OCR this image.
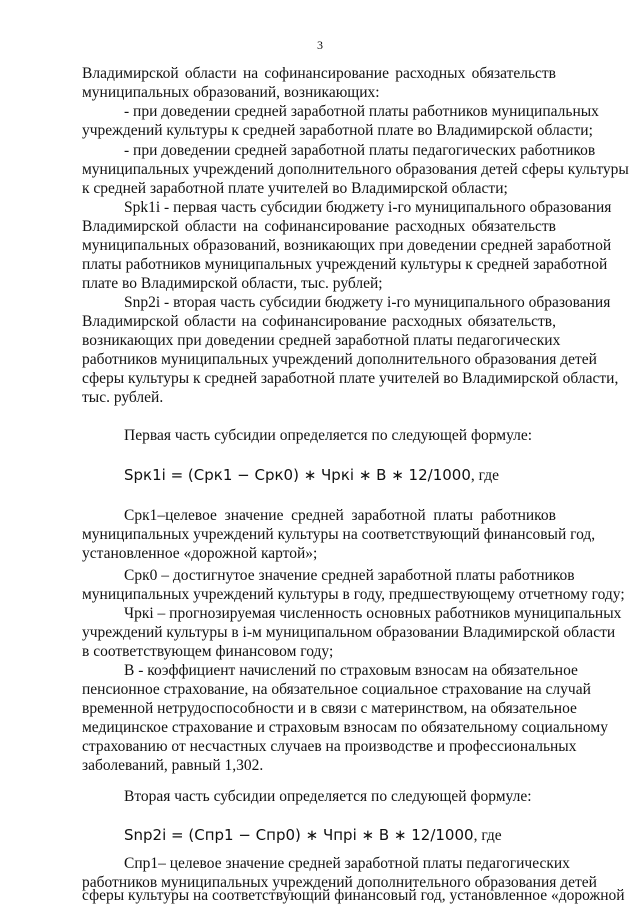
3
Владимирской области на софинансирование расходных обязательств
муниципальных образований, возникающих:
- при доведении средней заработной платы работников муниципальных
учреждений культуры к средней заработной плате во Владимирской области;
- при доведении средней заработной платы педагогических работников
муниципальных учреждений дополнительного образования детей сферы культуры
к средней заработной плате учителей во Владимирской области;
Spk1i - первая часть субсидии бюджету i-го муниципального образования
Владимирской области на софинансирование расходных обязательств
муниципальных образований, возникающих при доведении средней заработной
платы работников муниципальных учреждений культуры к средней заработной
плате во Владимирской области, тыс. рублей;
Snp2i - вторая часть субсидии бюджету i-го муниципального образования
Владимирской области на софинансирование расходных обязательств,
возникающих при доведении средней заработной платы педагогических
работников муниципальных учреждений дополнительного образования детей
сферы культуры к средней заработной плате учителей во Владимирской области,
тыс. рублей.
Первая часть субсидии определяется по следующей формуле:
Spк1i = (Срк1 − Срк0) ∗ Чркi ∗ В ∗ 12/1000, где
Срк1–целевое значение средней заработной платы работников
муниципальных учреждений культуры на соответствующий финансовый год,
установленное «дорожной картой»;
Срк0 – достигнутое значение средней заработной платы работников
муниципальных учреждений культуры в году, предшествующему отчетному году;
Чркi – прогнозируемая численность основных работников муниципальных
учреждений культуры в i-м муниципальном образовании Владимирской области
в соответствующем финансовом году;
В - коэффициент начислений по страховым взносам на обязательное
пенсионное страхование, на обязательное социальное страхование на случай
временной нетрудоспособности и в связи с материнством, на обязательное
медицинское страхование и страховым взносам по обязательному социальному
страхованию от несчастных случаев на производстве и профессиональных
заболеваний, равный 1,302.
Вторая часть субсидии определяется по следующей формуле:
Snp2i = (Спр1 − Спр0) ∗ Чпрi ∗ В ∗ 12/1000, где
Спр1– целевое значение средней заработной платы педагогических
работников муниципальных учреждений дополнительного образования детей
сферы культуры на соответствующий финансовый год, установленное «дорожной
